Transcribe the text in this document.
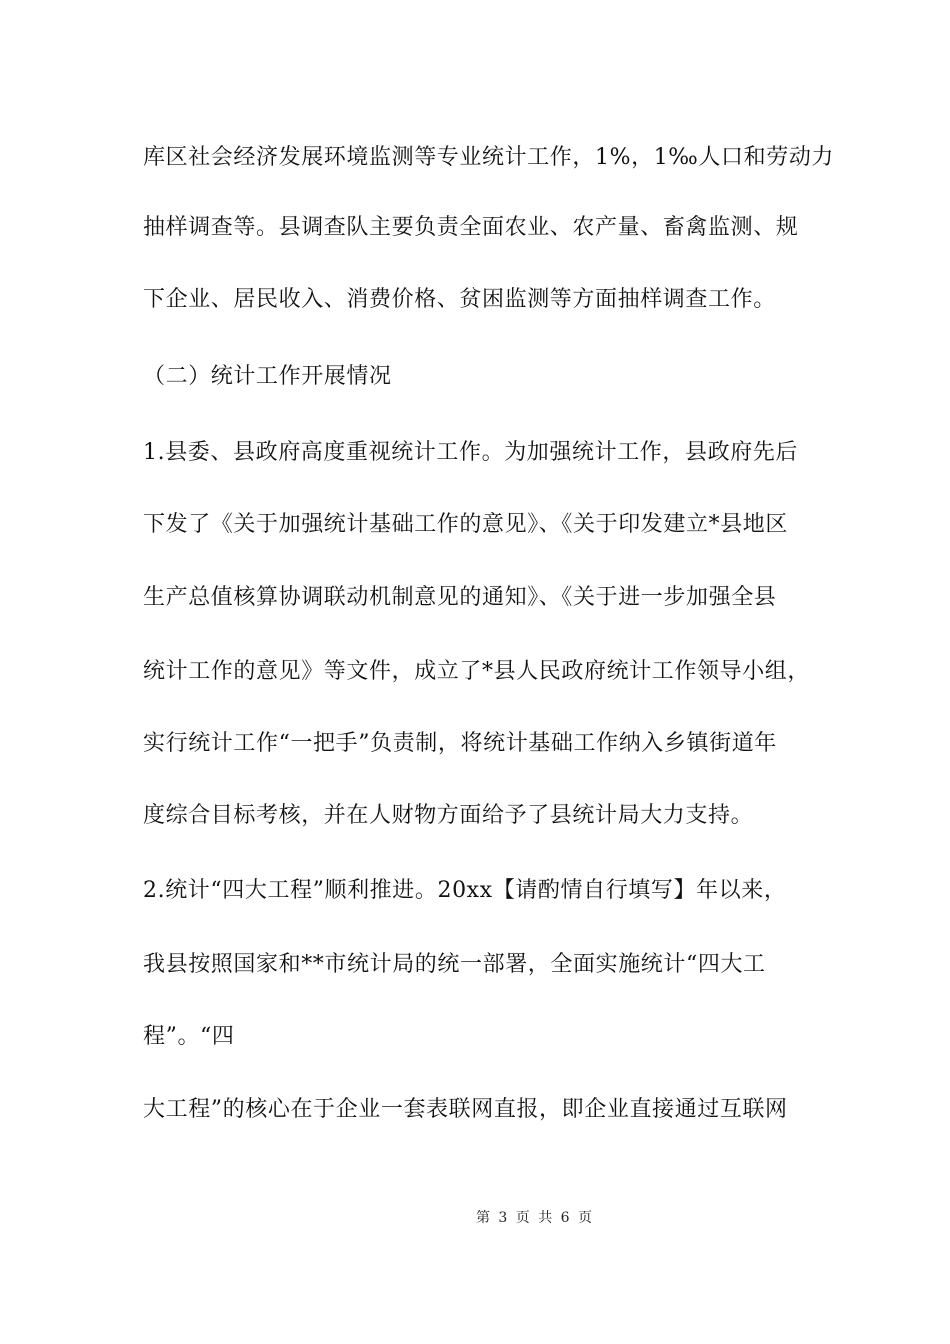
库区社会经济发展环境监测等专业统计工作，1%，1‰人口和劳动力
抽样调查等。县调查队主要负责全面农业、农产量、畜禽监测、规
下企业、居民收入、消费价格、贫困监测等方面抽样调查工作。
（二）统计工作开展情况
1.县委、县政府高度重视统计工作。为加强统计工作，县政府先后
下发了《关于加强统计基础工作的意见》、《关于印发建立*县地区
生产总值核算协调联动机制意见的通知》、《关于进一步加强全县
统计工作的意见》等文件，成立了*县人民政府统计工作领导小组，
实行统计工作“一把手”负责制，将统计基础工作纳入乡镇街道年
度综合目标考核，并在人财物方面给予了县统计局大力支持。
2.统计“四大工程”顺利推进。20xx【请酌情自行填写】年以来，
我县按照国家和**市统计局的统一部署，全面实施统计“四大工
程”。“四
大工程”的核心在于企业一套表联网直报，即企业直接通过互联网
第 3 页 共 6 页
